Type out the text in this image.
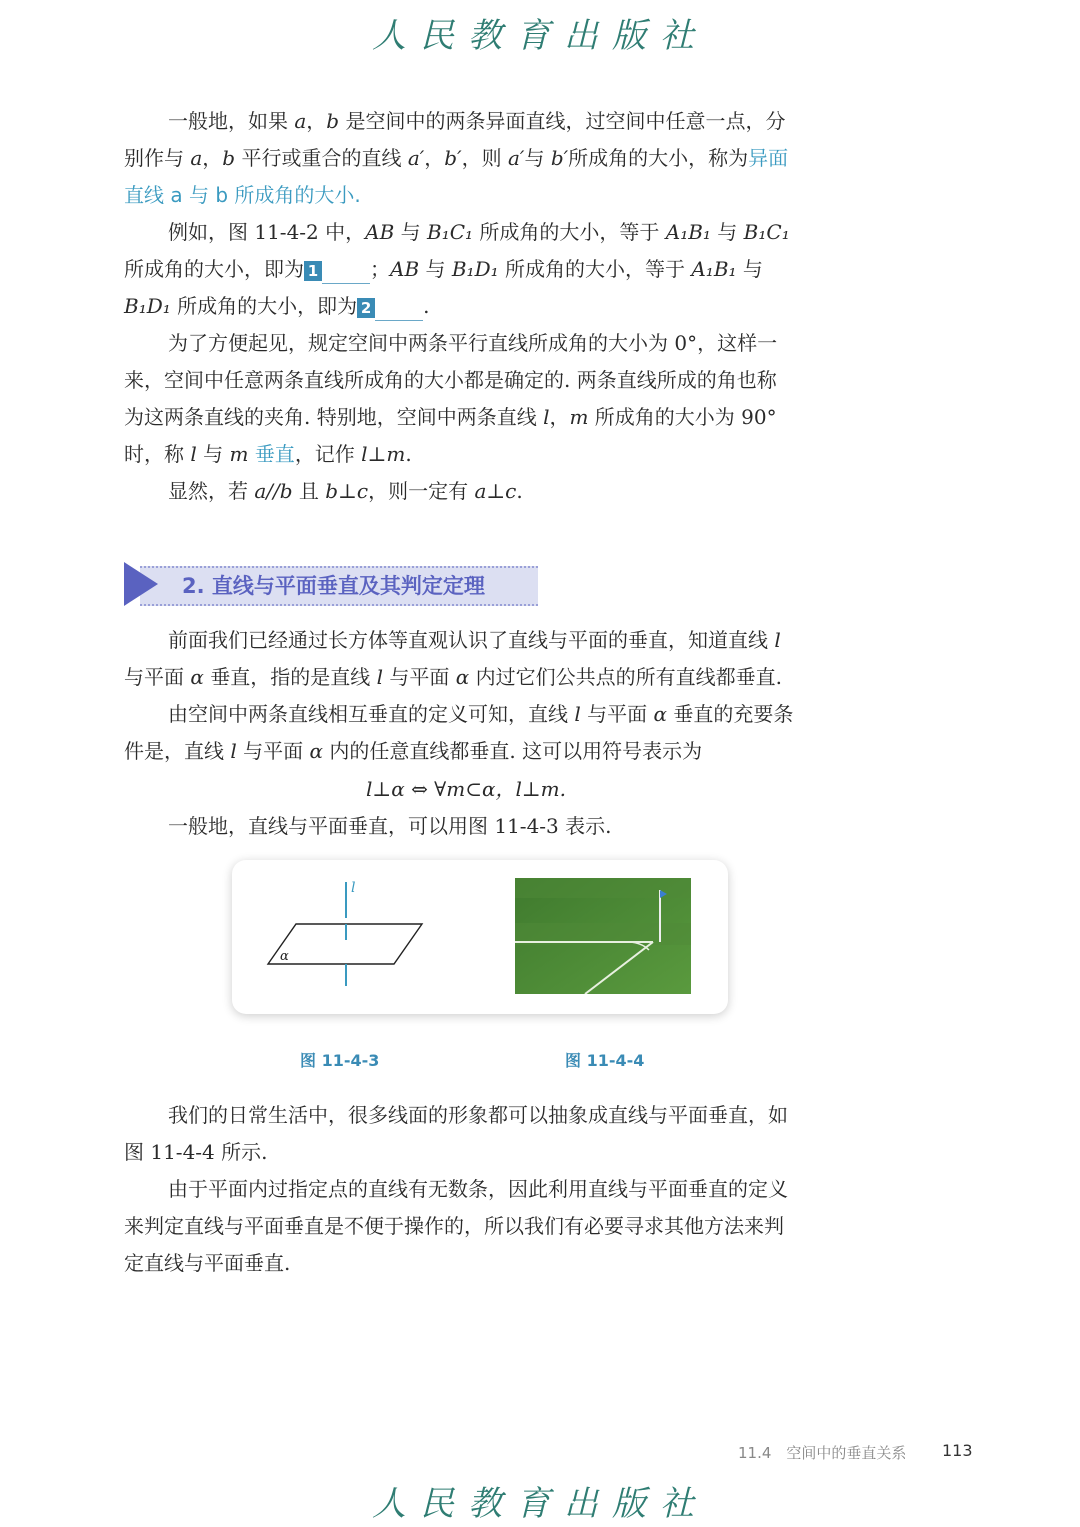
人民教育出版社
一般地，如果 a，b 是空间中的两条异面直线，过空间中任意一点，分
别作与 a，b 平行或重合的直线 a′，b′，则 a′与 b′所成角的大小，称为异面
直线 a 与 b 所成角的大小.
例如，图 11-4-2 中，AB 与 B₁C₁ 所成角的大小，等于 A₁B₁ 与 B₁C₁
所成角的大小，即为 1	；AB 与 B₁D₁ 所成角的大小，等于 A₁B₁ 与
B₁D₁ 所成角的大小，即为 2	.
为了方便起见，规定空间中两条平行直线所成角的大小为 0°，这样一
来，空间中任意两条直线所成角的大小都是确定的. 两条直线所成的角也称
为这两条直线的夹角. 特别地，空间中两条直线 l，m 所成角的大小为 90°
时，称 l 与 m 垂直，记作 l⊥m.
显然，若 a//b 且 b⊥c，则一定有 a⊥c.
前面我们已经通过长方体等直观认识了直线与平面的垂直，知道直线 l
与平面 α 垂直，指的是直线 l 与平面 α 内过它们公共点的所有直线都垂直.
由空间中两条直线相互垂直的定义可知，直线 l 与平面 α 垂直的充要条
件是，直线 l 与平面 α 内的任意直线都垂直. 这可以用符号表示为
l⊥α ⇔ ∀m⊂α，l⊥m.
一般地，直线与平面垂直，可以用图 11-4-3 表示.
我们的日常生活中，很多线面的形象都可以抽象成直线与平面垂直，如
图 11-4-4 所示.
由于平面内过指定点的直线有无数条，因此利用直线与平面垂直的定义
来判定直线与平面垂直是不便于操作的，所以我们有必要寻求其他方法来判
定直线与平面垂直.
2. 直线与平面垂直及其判定定理
l
α
图 11-4-3	图 11-4-4
11.4　空间中的垂直关系 113
人民教育出版社
